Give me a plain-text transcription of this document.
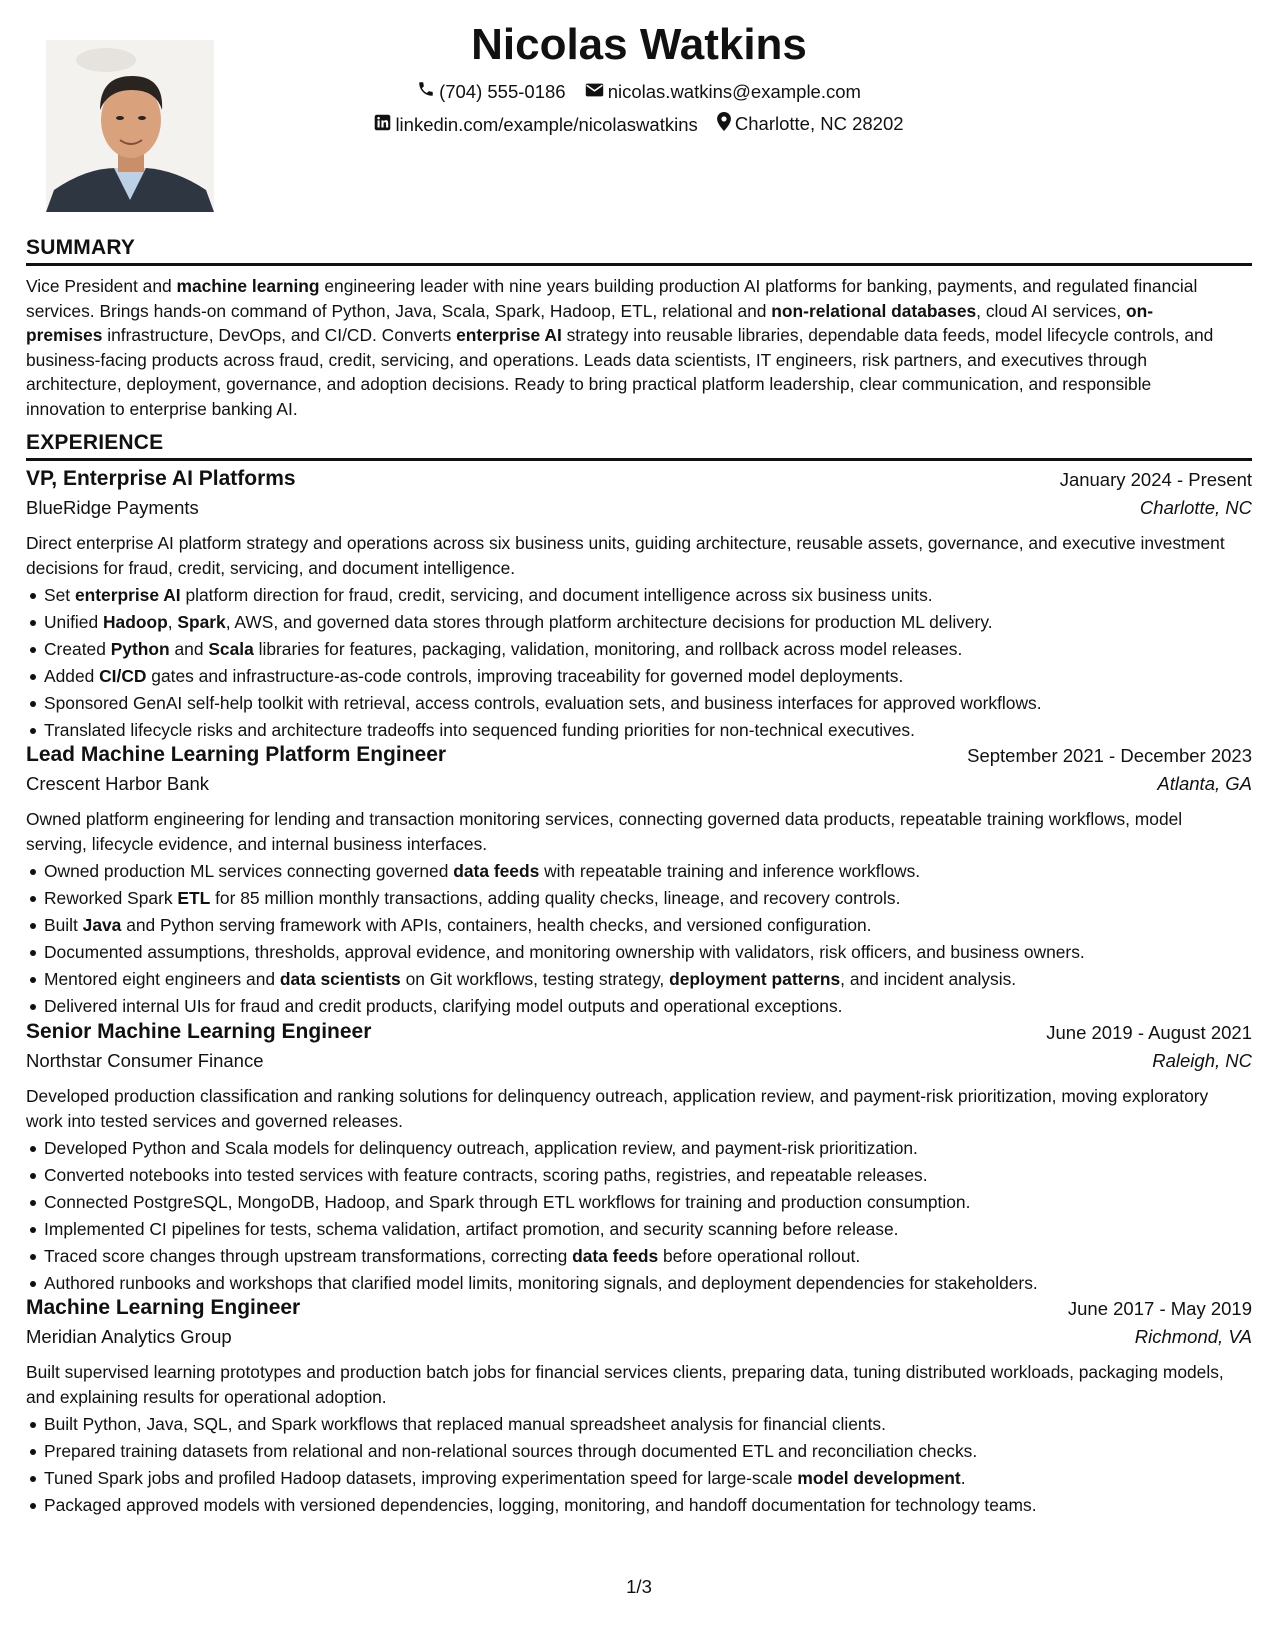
Nicolas Watkins
(704) 555-0186
nicolas.watkins@example.com
linkedin.com/example/nicolaswatkins
Charlotte, NC 28202
SUMMARY
Vice President and machine learning engineering leader with nine years building production AI platforms for banking, payments, and regulated financial services. Brings hands-on command of Python, Java, Scala, Spark, Hadoop, ETL, relational and non-relational databases, cloud AI services, on-premises infrastructure, DevOps, and CI/CD. Converts enterprise AI strategy into reusable libraries, dependable data feeds, model lifecycle controls, and business-facing products across fraud, credit, servicing, and operations. Leads data scientists, IT engineers, risk partners, and executives through architecture, deployment, governance, and adoption decisions. Ready to bring practical platform leadership, clear communication, and responsible innovation to enterprise banking AI.
EXPERIENCE
VP, Enterprise AI Platforms	January 2024 - Present
BlueRidge Payments	Charlotte, NC
Direct enterprise AI platform strategy and operations across six business units, guiding architecture, reusable assets, governance, and executive investment decisions for fraud, credit, servicing, and document intelligence.
Set enterprise AI platform direction for fraud, credit, servicing, and document intelligence across six business units.
Unified Hadoop, Spark, AWS, and governed data stores through platform architecture decisions for production ML delivery.
Created Python and Scala libraries for features, packaging, validation, monitoring, and rollback across model releases.
Added CI/CD gates and infrastructure-as-code controls, improving traceability for governed model deployments.
Sponsored GenAI self-help toolkit with retrieval, access controls, evaluation sets, and business interfaces for approved workflows.
Translated lifecycle risks and architecture tradeoffs into sequenced funding priorities for non-technical executives.
Lead Machine Learning Platform Engineer	September 2021 - December 2023
Crescent Harbor Bank	Atlanta, GA
Owned platform engineering for lending and transaction monitoring services, connecting governed data products, repeatable training workflows, model serving, lifecycle evidence, and internal business interfaces.
Owned production ML services connecting governed data feeds with repeatable training and inference workflows.
Reworked Spark ETL for 85 million monthly transactions, adding quality checks, lineage, and recovery controls.
Built Java and Python serving framework with APIs, containers, health checks, and versioned configuration.
Documented assumptions, thresholds, approval evidence, and monitoring ownership with validators, risk officers, and business owners.
Mentored eight engineers and data scientists on Git workflows, testing strategy, deployment patterns, and incident analysis.
Delivered internal UIs for fraud and credit products, clarifying model outputs and operational exceptions.
Senior Machine Learning Engineer	June 2019 - August 2021
Northstar Consumer Finance	Raleigh, NC
Developed production classification and ranking solutions for delinquency outreach, application review, and payment-risk prioritization, moving exploratory work into tested services and governed releases.
Developed Python and Scala models for delinquency outreach, application review, and payment-risk prioritization.
Converted notebooks into tested services with feature contracts, scoring paths, registries, and repeatable releases.
Connected PostgreSQL, MongoDB, Hadoop, and Spark through ETL workflows for training and production consumption.
Implemented CI pipelines for tests, schema validation, artifact promotion, and security scanning before release.
Traced score changes through upstream transformations, correcting data feeds before operational rollout.
Authored runbooks and workshops that clarified model limits, monitoring signals, and deployment dependencies for stakeholders.
Machine Learning Engineer	June 2017 - May 2019
Meridian Analytics Group	Richmond, VA
Built supervised learning prototypes and production batch jobs for financial services clients, preparing data, tuning distributed workloads, packaging models, and explaining results for operational adoption.
Built Python, Java, SQL, and Spark workflows that replaced manual spreadsheet analysis for financial clients.
Prepared training datasets from relational and non-relational sources through documented ETL and reconciliation checks.
Tuned Spark jobs and profiled Hadoop datasets, improving experimentation speed for large-scale model development.
Packaged approved models with versioned dependencies, logging, monitoring, and handoff documentation for technology teams.
1/3
